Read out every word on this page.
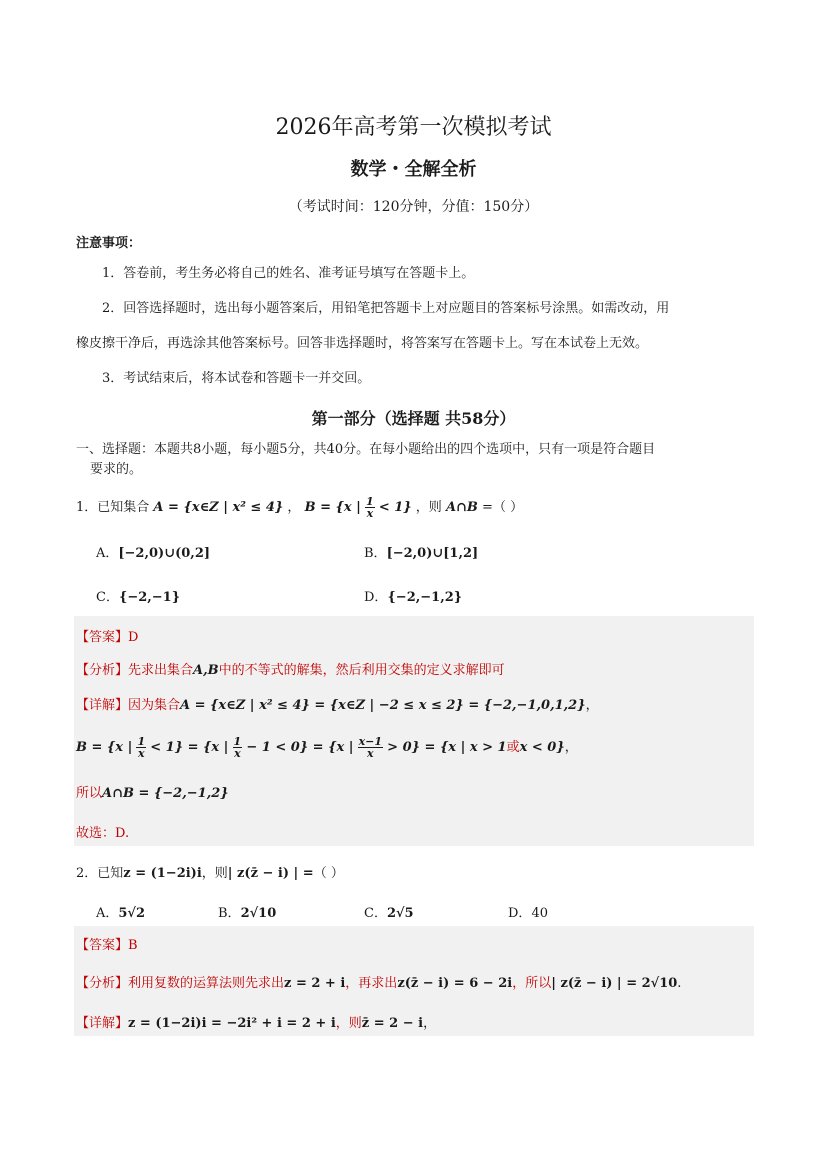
2026年高考第一次模拟考试
数学・全解全析
（考试时间：120分钟，分值：150分）
注意事项：
1．答卷前，考生务必将自己的姓名、准考证号填写在答题卡上。
2．回答选择题时，选出每小题答案后，用铅笔把答题卡上对应题目的答案标号涂黑。如需改动，用
橡皮擦干净后，再选涂其他答案标号。回答非选择题时，将答案写在答题卡上。写在本试卷上无效。
3．考试结束后，将本试卷和答题卡一并交回。
第一部分（选择题 共58分）
一、选择题：本题共8小题，每小题5分，共40分。在每小题给出的四个选项中，只有一项是符合题目
要求的。
1．已知集合 A = {x∈Z | x² ≤ 4} ， B = {x | $\frac{1}{x} < 1$} ，则 A∩B =（ ）
A．[−2,0)∪(0,2]	B．[−2,0)∪[1,2]
C．{−2,−1}	D．{−2,−1,2}
【答案】D
【分析】先求出集合A,B中的不等式的解集，然后利用交集的定义求解即可
【详解】因为集合A = {x∈Z | x² ≤ 4} = {x∈Z | −2 ≤ x ≤ 2} = {−2,−1,0,1,2}，
B = {x | $\frac{1}{x} < 1\} = \{x$ | $\frac{1}{x} - 1 < 0\} = \{x$ | $\frac{x-1}{x} > 0\} = \{x$ | x > 1或x < 0}，
所以A∩B = {−2,−1,2}
故选：D.
2．已知z = (1−2i)i，则| z(z̄ − i) | =（ ）
A．5√2	B．2√10	C．2√5	D．40
【答案】B
【分析】利用复数的运算法则先求出z = 2 + i，再求出z(z̄ − i) = 6 − 2i，所以| z(z̄ − i) | = 2√10.
【详解】z = (1−2i)i = −2i² + i = 2 + i，则z̄ = 2 − i，
